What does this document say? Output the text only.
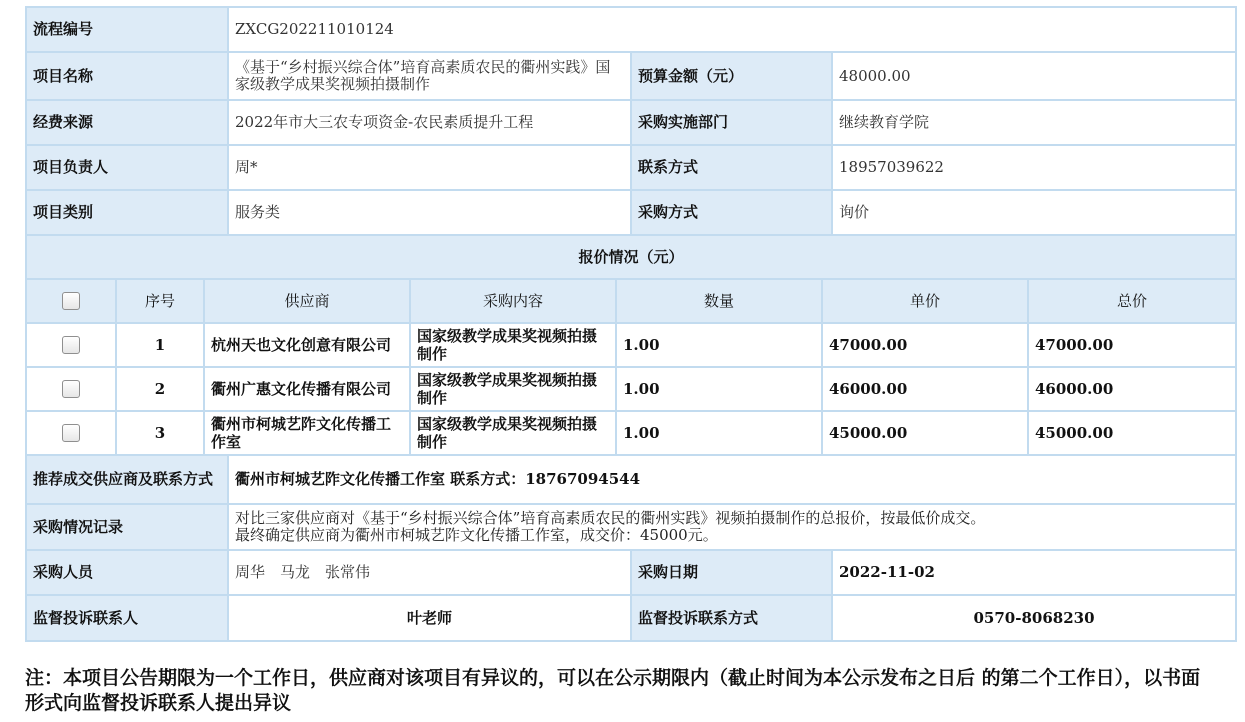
流程编号	ZXCG202211010124		
项目名称	《基于“乡村振兴综合体”培育高素质农民的衢州实践》国家级教学成果奖视频拍摄制作	预算金额（元）	48000.00
经费来源	2022年市大三农专项资金-农民素质提升工程	采购实施部门	继续教育学院
项目负责人	周*	联系方式	18957039622
项目类别	服务类	采购方式	询价
报价情况（元）			
	序号	供应商	采购内容	数量	单价	总价
	1	杭州天也文化创意有限公司	国家级教学成果奖视频拍摄制作	1.00	47000.00	47000.00
	2	衢州广惠文化传播有限公司	国家级教学成果奖视频拍摄制作	1.00	46000.00	46000.00
	3	衢州市柯城艺阼文化传播工作室	国家级教学成果奖视频拍摄制作	1.00	45000.00	45000.00
推荐成交供应商及联系方式	衢州市柯城艺阼文化传播工作室 联系方式：18767094544		
采购情况记录	对比三家供应商对《基于“乡村振兴综合体”培育高素质农民的衢州实践》视频拍摄制作的总报价，按最低价成交。
最终确定供应商为衢州市柯城艺阼文化传播工作室，成交价：45000元。		

采购人员	周华　马龙　张常伟	采购日期	2022-11-02
监督投诉联系人	叶老师	监督投诉联系方式	0570-8068230
注：本项目公告期限为一个工作日，供应商对该项目有异议的，可以在公示期限内（截止时间为本公示发布之日后 的第二个工作日），以书面形式向监督投诉联系人提出异议
